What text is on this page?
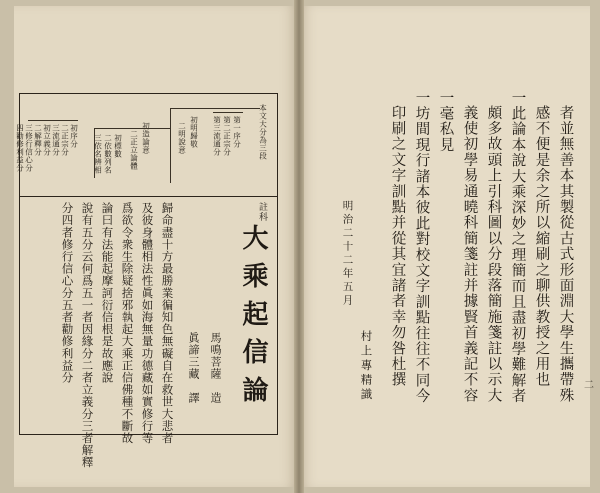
者並無善本其製從古式形面淵大學生攜帶殊
感不便是余之所以縮刷之聊供教授之用也
一此論本說大乘深妙之理簡而且盡初學難解者
頗多故頭上引科圖以分段落簡施箋註以示大
義使初學易通曉科簡箋註并據賢首義記不容
一毫私見
一坊間現行諸本彼此對校文字訓點往往不同今
印刷之文字訓點并從其宜諸者幸勿咎杜撰
明治二十二年五月
村上專精識	二
本文大分為三段
第一序分
第二正宗分
第三流通分
初明歸敬
二明說意
初造論意
二正立論體
初標數
二依數列名
三依名辨相
初序分
二正宗分
三流通分
初立義分
二解釋分
三修行信心分
四勸修利益分
註科
大乘起信論
馬鳴菩薩　造
眞諦三藏　譯
歸命盡十方最勝業徧知色無礙自在救世大悲者
及彼身體相法性眞如海無量功德藏如實修行等
爲欲令衆生除疑捨邪執起大乘正信佛種不斷故
論曰有法能起摩訶衍信根是故應說
說有五分云何爲五一者因緣分二者立義分三者解釋
分四者修行信心分五者勸修利益分
